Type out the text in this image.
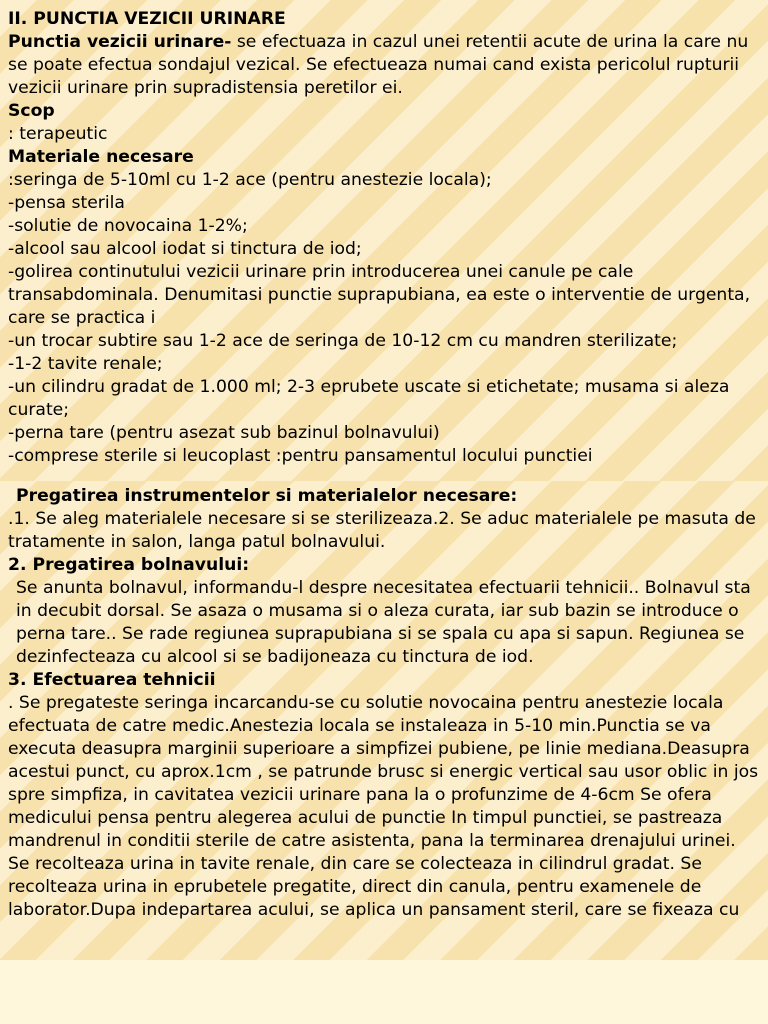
II. PUNCTIA VEZICII URINARE

Punctia vezicii urinare- se efectuaza in cazul unei retentii acute de urina la care nu se poate efectua sondajul vezical. Se efectueaza numai cand exista pericolul rupturii vezicii urinare prin supradistensia peretilor ei.

Scop

: terapeutic

Materiale necesare

:seringa de 5-10ml cu 1-2 ace (pentru anestezie locala);

-pensa sterila

-solutie de novocaina 1-2%;

-alcool sau alcool iodat si tinctura de iod;

-golirea continutului vezicii urinare prin introducerea unei canule pe cale transabdominala. Denumitasi punctie suprapubiana, ea este o interventie de urgenta, care se practica i

-un trocar subtire sau 1-2 ace de seringa de 10-12 cm cu mandren sterilizate;

-1-2 tavite renale;

-un cilindru gradat de 1.000 ml; 2-3 eprubete uscate si etichetate; musama si aleza curate;

-perna tare (pentru asezat sub bazinul bolnavului)

-comprese sterile si leucoplast :pentru pansamentul locului punctiei

Pregatirea instrumentelor si materialelor necesare:

.1. Se aleg materialele necesare si se sterilizeaza.2. Se aduc materialele pe masuta de tratamente in salon, langa patul bolnavului.

2. Pregatirea bolnavului:

Se anunta bolnavul, informandu-l despre necesitatea efectuarii tehnicii.. Bolnavul sta in decubit dorsal. Se asaza o musama si o aleza curata, iar sub bazin se introduce o perna tare.. Se rade regiunea suprapubiana si se spala cu apa si sapun. Regiunea se dezinfecteaza cu alcool si se badijoneaza cu tinctura de iod.

3. Efectuarea tehnicii

. Se pregateste seringa incarcandu-se cu solutie novocaina pentru anestezie locala efectuata de catre medic.Anestezia locala se instaleaza in 5-10 min.Punctia se va executa deasupra marginii superioare a simpfizei pubiene, pe linie mediana.Deasupra acestui punct, cu aprox.1cm , se patrunde brusc si energic vertical sau usor oblic in jos spre simpfiza, in cavitatea vezicii urinare pana la o profunzime de 4-6cm Se ofera medicului pensa pentru alegerea acului de punctie In timpul punctiei, se pastreaza mandrenul in conditii sterile de catre asistenta, pana la terminarea drenajului urinei. Se recolteaza urina in tavite renale, din care se colecteaza in cilindrul gradat. Se recolteaza urina in eprubetele pregatite, direct din canula, pentru examenele de laborator.Dupa indepartarea acului, se aplica un pansament steril, care se fixeaza cu
